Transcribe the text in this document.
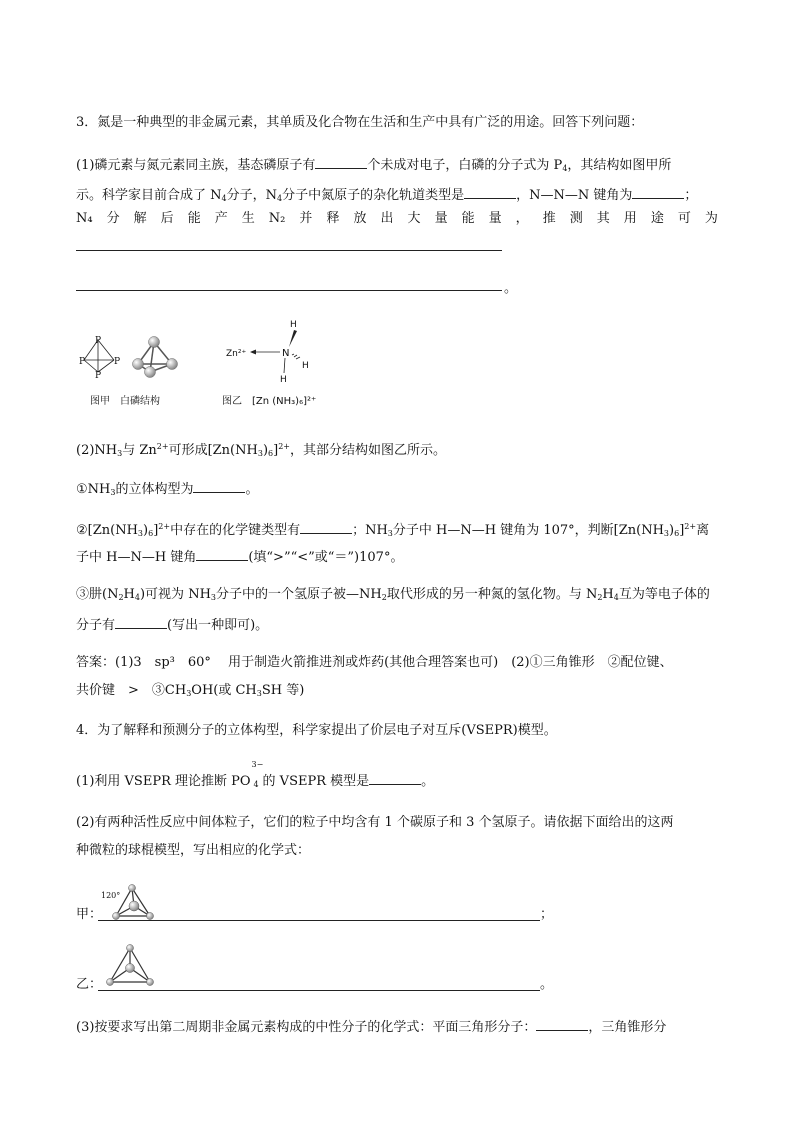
3．氮是一种典型的非金属元素，其单质及化合物在生活和生产中具有广泛的用途。回答下列问题：
(1)磷元素与氮元素同主族，基态磷原子有	个未成对电子，白磷的分子式为 $P_4$，其结构如图甲所
示。科学家目前合成了 $N_4$分子，$N_4$分子中氮原子的杂化轨道类型是	，N—N—N 键角为	；
N₄ 分 解 后 能 产 生 N₂ 并 释 放 出 大 量 能 量 ， 推 测 其 用 途 可 为
。
P
P	P
P
图甲　白磷结构
Zn²⁺	N
H
H
H
图乙　[Zn (NH₃)₆]²⁺
$(2)NH_3$与 $Zn^{2+}$可形成$[Zn(NH_3)_6]^{2+}$，其部分结构如图乙所示。
$①NH_3$的立体构型为	。
$②[Zn(NH_3)_6]^{2+}$中存在的化学键类型有	；$NH_3$分子中 H—N—H 键角为 107°，判断$[Zn(NH_3)_6]^{2+}$离
子中 H—N—H 键角	(填“>”“<”或“＝”)107°。
③肼$(N_2H_4)$可视为 $NH_3$分子中的一个氢原子被$—NH_2$取代形成的另一种氮的氢化物。与 $N_2H_4$互为等电子体的
分子有	(写出一种即可)。
答案：(1)3　sp³　60°　 用于制造火箭推进剂或炸药(其他合理答案也可)　(2)①三角锥形　②配位键、
共价键　>　$③CH_3OH$(或 $CH_3SH$ 等)
4．为了解释和预测分子的立体构型，科学家提出了价层电子对互斥(VSEPR)模型。
(1)利用 VSEPR 理论推断 PO
3−
4 的 VSEPR 模型是	。
(2)有两种活性反应中间体粒子，它们的粒子中均含有 1 个碳原子和 3 个氢原子。请依据下面给出的这两
种微粒的球棍模型，写出相应的化学式：
120°
甲：	；
乙：	。
(3)按要求写出第二周期非金属元素构成的中性分子的化学式：平面三角形分子：	，三角锥形分
